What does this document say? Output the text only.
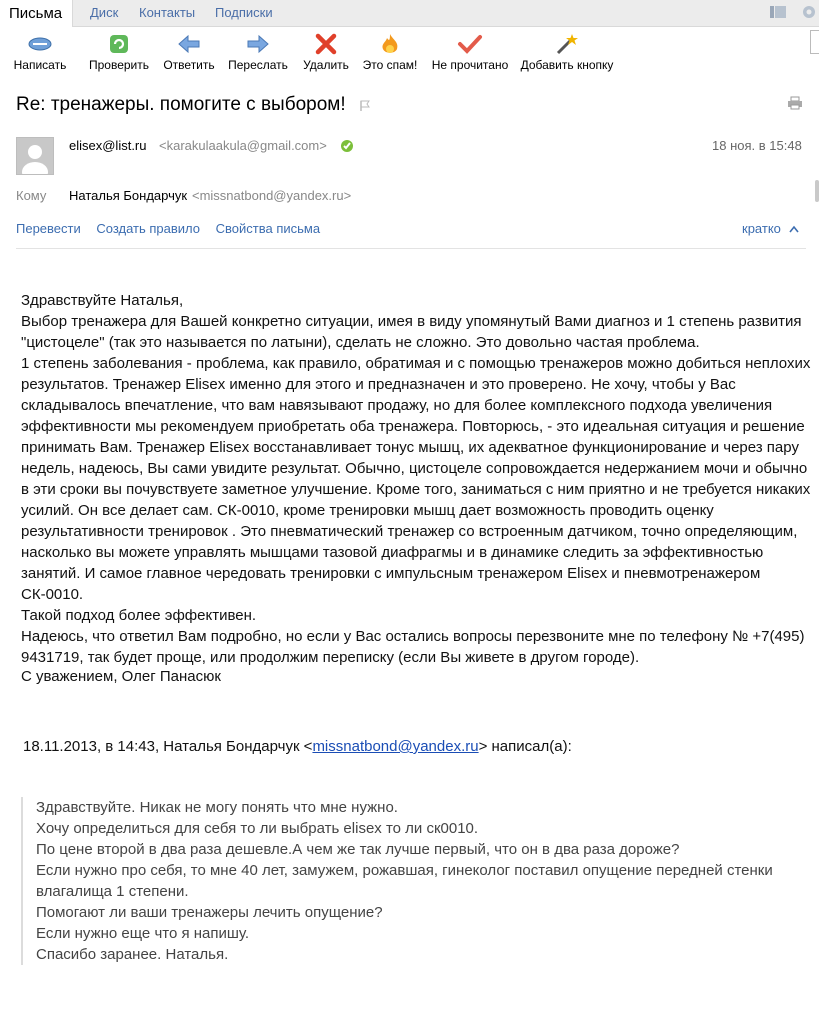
Письма	Диск Контакты Подписки
Написать Проверить Ответить Переслать Удалить Это спам! Не прочитано Добавить кнопку
Re: тренажеры. помогите с выбором!
elisex@list.ru <karakulaakula@gmail.com>	18 ноя. в 15:48
Кому Наталья Бондарчук <missnatbond@yandex.ru>
Перевести Создать правило Свойства письма	кратко

Здравствуйте Наталья,

Выбор тренажера для Вашей конкретно ситуации, имея в виду упомянутый Вами диагноз и 1 степень развития

"цистоцеле" (так это называется по латыни), сделать не сложно. Это довольно частая проблема.

1 степень заболевания - проблема, как правило, обратимая и с помощью тренажеров можно добиться неплохих

результатов. Тренажер Elisex именно для этого и предназначен и это проверено. Не хочу, чтобы у Вас

складывалось впечатление, что вам навязывают продажу, но для более комплексного подхода увеличения

эффективности мы рекомендуем приобретать оба тренажера. Повторюсь, - это идеальная ситуация и решение

принимать Вам. Тренажер Elisex восстанавливает тонус мышц, их адекватное функционирование и через пару

недель, надеюсь, Вы сами увидите результат. Обычно, цистоцеле сопровождается недержанием мочи и обычно

в эти сроки вы почувствуете заметное улучшение. Кроме того, заниматься с ним приятно и не требуется никаких

усилий. Он все делает сам. СК-0010, кроме тренировки мышц дает возможность проводить оценку

результативности тренировок . Это пневматический тренажер со встроенным датчиком, точно определяющим,

насколько вы можете управлять мышцами тазовой диафрагмы и в динамике следить за эффективностью

занятий. И самое главное чередовать тренировки с импульсным тренажером Elisex и пневмотренажером СК-0010.

Такой подход более эффективен.

Надеюсь, что ответил Вам подробно, но если у Вас остались вопросы перезвоните мне по телефону № +7(495)

9431719, так будет проще, или продолжим переписку (если Вы живете в другом городе).

С уважением, Олег Панасюк
18.11.2013, в 14:43, Наталья Бондарчук <missnatbond@yandex.ru> написал(а):

Здравствуйте. Никак не могу понять что мне нужно.

Хочу определиться для себя то ли выбрать elisex то ли ск0010.

По цене второй в два раза дешевле.А чем же так лучше первый, что он в два раза дороже?

Если нужно про себя, то мне 40 лет, замужем, рожавшая, гинеколог поставил опущение передней стенки

влагалища 1 степени.

Помогают ли ваши тренажеры лечить опущение?

Если нужно еще что я напишу.

Спасибо заранее. Наталья.
